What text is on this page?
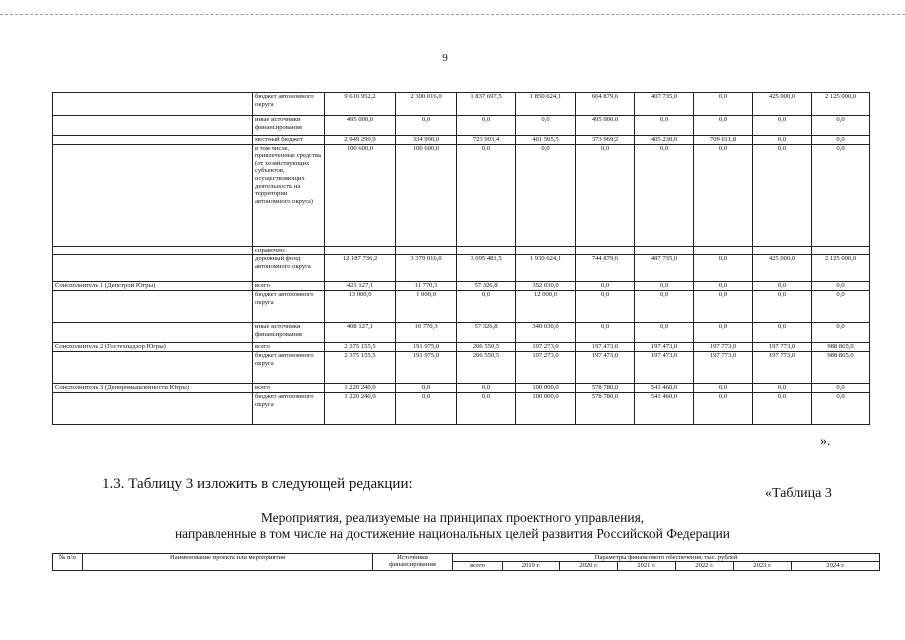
9
	бюджет автономного округа	9 610 952,2	2 300 016,0	1 837 697,5	1 850 624,1	664 879,6	407 735,0	0,0	425 000,0	2 125 000,0
	иные источники финансирования	495 000,0	0,0	0,0	0,0	495 000,0	0,0	0,0	0,0	0,0
	местный бюджет	2 949 299,9	334 990,0	723 993,4	401 505,5	373 969,2	405 230,0	709 611,8	0,0	0,0
	в том числе, привлеченные средства (от хозяйствующих субъектов, осуществляющих деятельность на территории автономного округа)	100 600,0	100 600,0	0,0	0,0	0,0	0,0	0,0	0,0	0,0
	справочно:									
	дорожный фонд автономного округа	12 187 736,2	3 379 016,0	3 095 481,5	1 930 624,1	744 879,6	487 735,0	0,0	425 000,0	2 125 000,0
Соисполнитель 1 (Депстрой Югры)	всего	421 127,1	11 770,3	57 326,8	352 030,0	0,0	0,0	0,0	0,0	0,0
	бюджет автономного округа	13 000,0	1 000,0	0,0	12 000,0	0,0	0,0	0,0	0,0	0,0
	иные источники финансирования	408 127,1	10 770,3	57 326,8	340 030,0	0,0	0,0	0,0	0,0	0,0
Соисполнитель 2 (Гостехнадзор Югры)	всего	2 375 155,5	191 975,0	206 550,5	197 273,0	197 473,0	197 473,0	197 773,0	197 773,0	988 865,0
	бюджет автономного округа	2 375 155,5	191 975,0	206 550,5	197 273,0	197 473,0	197 473,0	197 773,0	197 773,0	988 865,0
Соисполнитель 3 (Депнромышленности Югры)	всего	1 220 240,0	0,0	0,0	100 000,0	578 780,0	541 460,0	0,0	0,0	0,0
	бюджет автономного округа	1 220 240,0	0,0	0,0	100 000,0	578 780,0	541 460,0	0,0	0,0	0,0
».
1.3. Таблицу 3 изложить в следующей редакции:
«Таблица 3
Мероприятия, реализуемые на принципах проектного управления,
направленные в том числе на достижение национальных целей развития Российской Федерации
№ п/п	Наименование проекта или мероприятия	Источники финансирования	Параметры финансового обеспечения, тыс. рублей						
			всего	2019 г.	2020 г.	2021 г.	2022 г.	2023 г.	2024 г.
